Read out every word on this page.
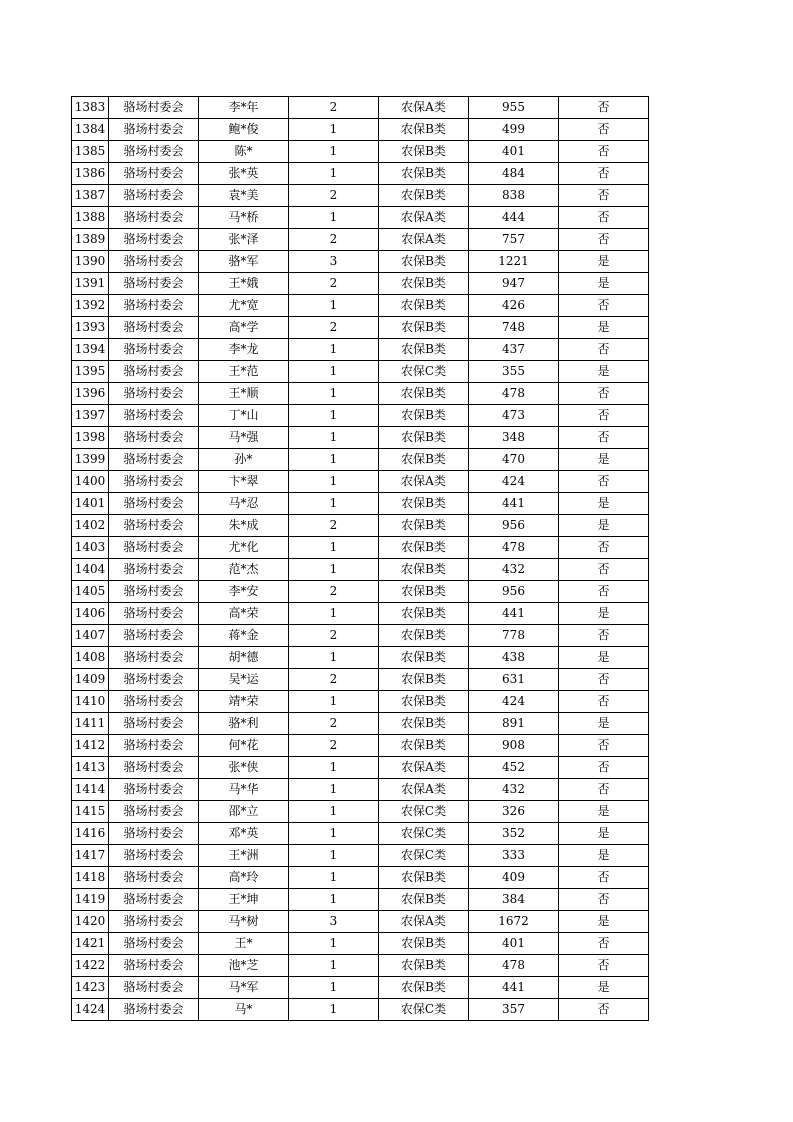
1383	骆场村委会	李*年	2	农保A类	955	否
1384	骆场村委会	鲍*俊	1	农保B类	499	否
1385	骆场村委会	陈*	1	农保B类	401	否
1386	骆场村委会	张*英	1	农保B类	484	否
1387	骆场村委会	袁*美	2	农保B类	838	否
1388	骆场村委会	马*桥	1	农保A类	444	否
1389	骆场村委会	张*泽	2	农保A类	757	否
1390	骆场村委会	骆*军	3	农保B类	1221	是
1391	骆场村委会	王*娥	2	农保B类	947	是
1392	骆场村委会	尤*宽	1	农保B类	426	否
1393	骆场村委会	高*学	2	农保B类	748	是
1394	骆场村委会	李*龙	1	农保B类	437	否
1395	骆场村委会	王*范	1	农保C类	355	是
1396	骆场村委会	王*顺	1	农保B类	478	否
1397	骆场村委会	丁*山	1	农保B类	473	否
1398	骆场村委会	马*强	1	农保B类	348	否
1399	骆场村委会	孙*	1	农保B类	470	是
1400	骆场村委会	卞*翠	1	农保A类	424	否
1401	骆场村委会	马*忍	1	农保B类	441	是
1402	骆场村委会	朱*成	2	农保B类	956	是
1403	骆场村委会	尤*化	1	农保B类	478	否
1404	骆场村委会	范*杰	1	农保B类	432	否
1405	骆场村委会	李*安	2	农保B类	956	否
1406	骆场村委会	高*荣	1	农保B类	441	是
1407	骆场村委会	蒋*金	2	农保B类	778	否
1408	骆场村委会	胡*德	1	农保B类	438	是
1409	骆场村委会	吴*运	2	农保B类	631	否
1410	骆场村委会	靖*荣	1	农保B类	424	否
1411	骆场村委会	骆*利	2	农保B类	891	是
1412	骆场村委会	何*花	2	农保B类	908	否
1413	骆场村委会	张*侠	1	农保A类	452	否
1414	骆场村委会	马*华	1	农保A类	432	否
1415	骆场村委会	邵*立	1	农保C类	326	是
1416	骆场村委会	邓*英	1	农保C类	352	是
1417	骆场村委会	王*洲	1	农保C类	333	是
1418	骆场村委会	高*玲	1	农保B类	409	否
1419	骆场村委会	王*坤	1	农保B类	384	否
1420	骆场村委会	马*树	3	农保A类	1672	是
1421	骆场村委会	王*	1	农保B类	401	否
1422	骆场村委会	池*芝	1	农保B类	478	否
1423	骆场村委会	马*军	1	农保B类	441	是
1424	骆场村委会	马*	1	农保C类	357	否
